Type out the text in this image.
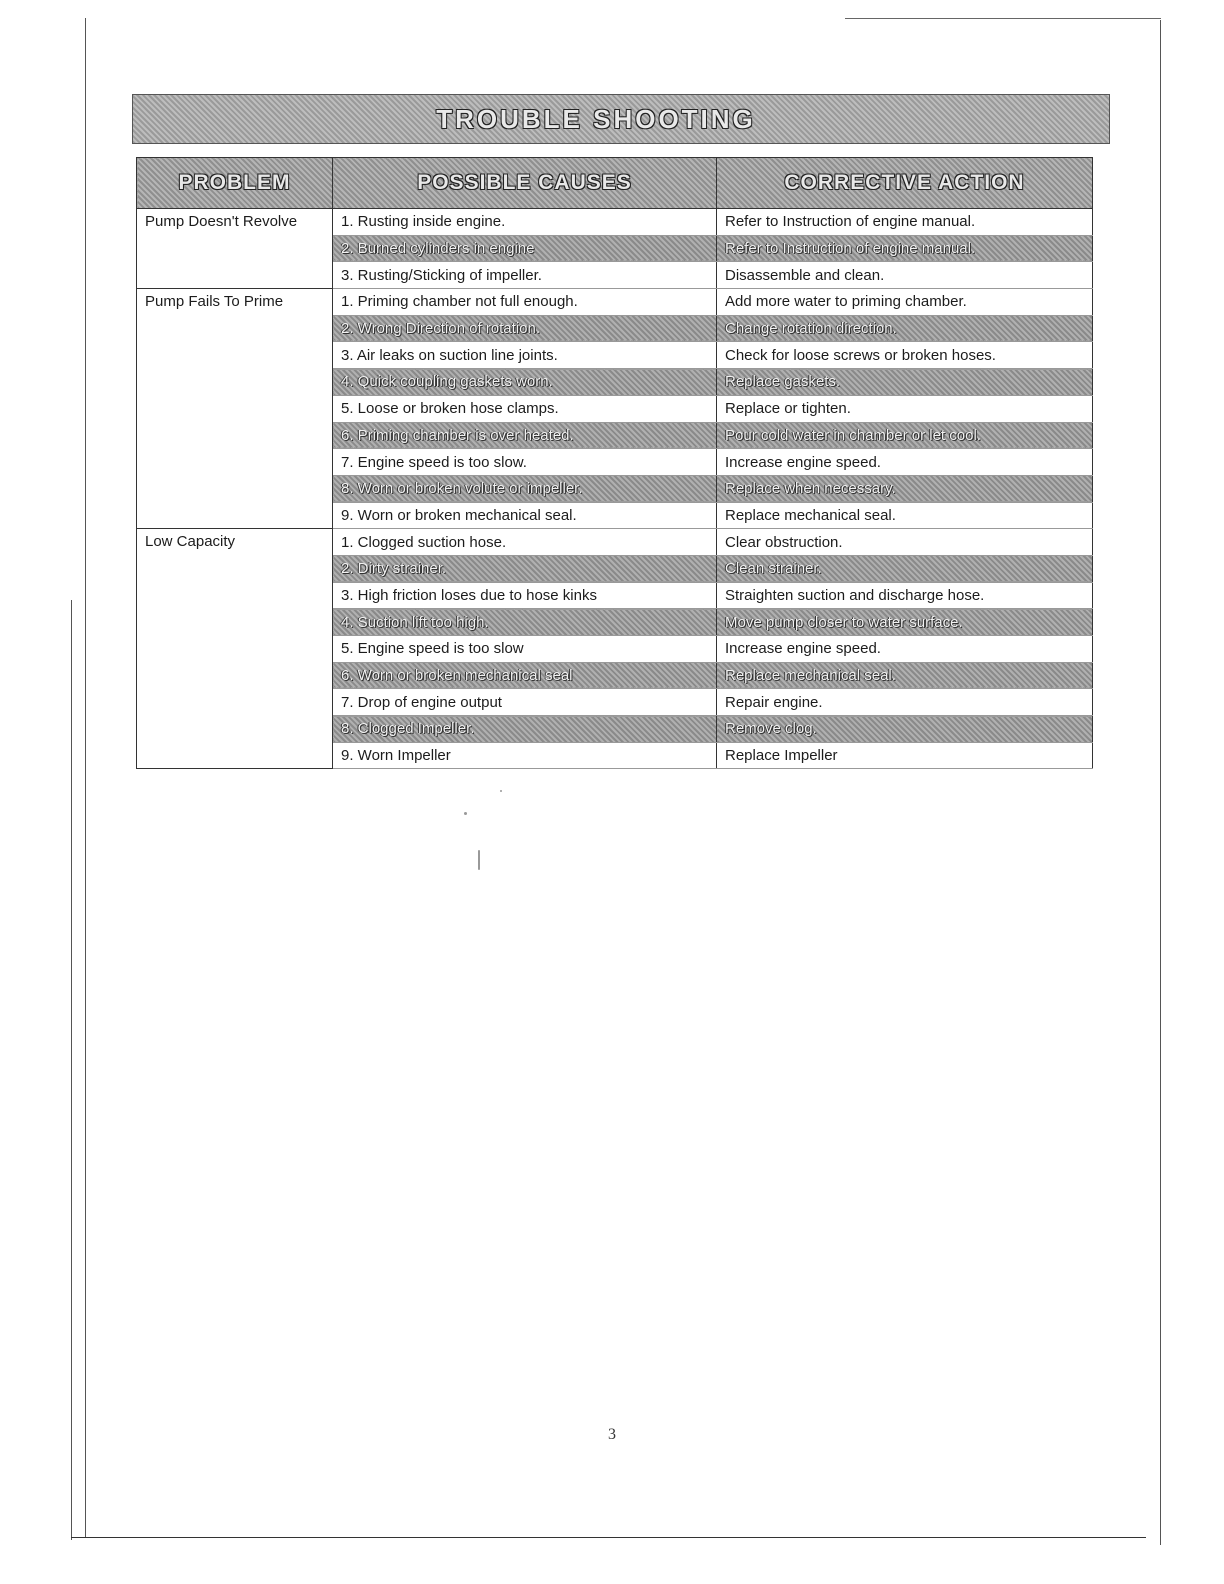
TROUBLE SHOOTING
PROBLEM	POSSIBLE CAUSES	CORRECTIVE ACTION
Pump Doesn't Revolve	1. Rusting inside engine.	Refer to Instruction of engine manual.
	2. Burned cylinders in engine	Refer to Instruction of engine manual.
	3. Rusting/Sticking of impeller.	Disassemble and clean.
Pump Fails To Prime	1. Priming chamber not full enough.	Add more water to priming chamber.
	2. Wrong Direction of rotation.	Change rotation direction.
	3. Air leaks on suction line joints.	Check for loose screws or broken hoses.
	4. Quick coupling gaskets worn.	Replace gaskets.
	5. Loose or broken hose clamps.	Replace or tighten.
	6. Priming chamber is over heated.	Pour cold water in chamber or let cool.
	7. Engine speed is too slow.	Increase engine speed.
	8. Worn or broken volute or impeller.	Replace when necessary.
	9. Worn or broken mechanical seal.	Replace mechanical seal.
Low Capacity	1. Clogged suction hose.	Clear obstruction.
	2. Dirty strainer.	Clean strainer.
	3. High friction loses due to hose kinks	Straighten suction and discharge hose.
	4. Suction lift too high.	Move pump closer to water surface.
	5. Engine speed is too slow	Increase engine speed.
	6. Worn or broken mechanical seal	Replace mechanical seal.
	7. Drop of engine output	Repair engine.
	8. Clogged Impeller.	Remove clog.
	9. Worn Impeller	Replace Impeller
3
